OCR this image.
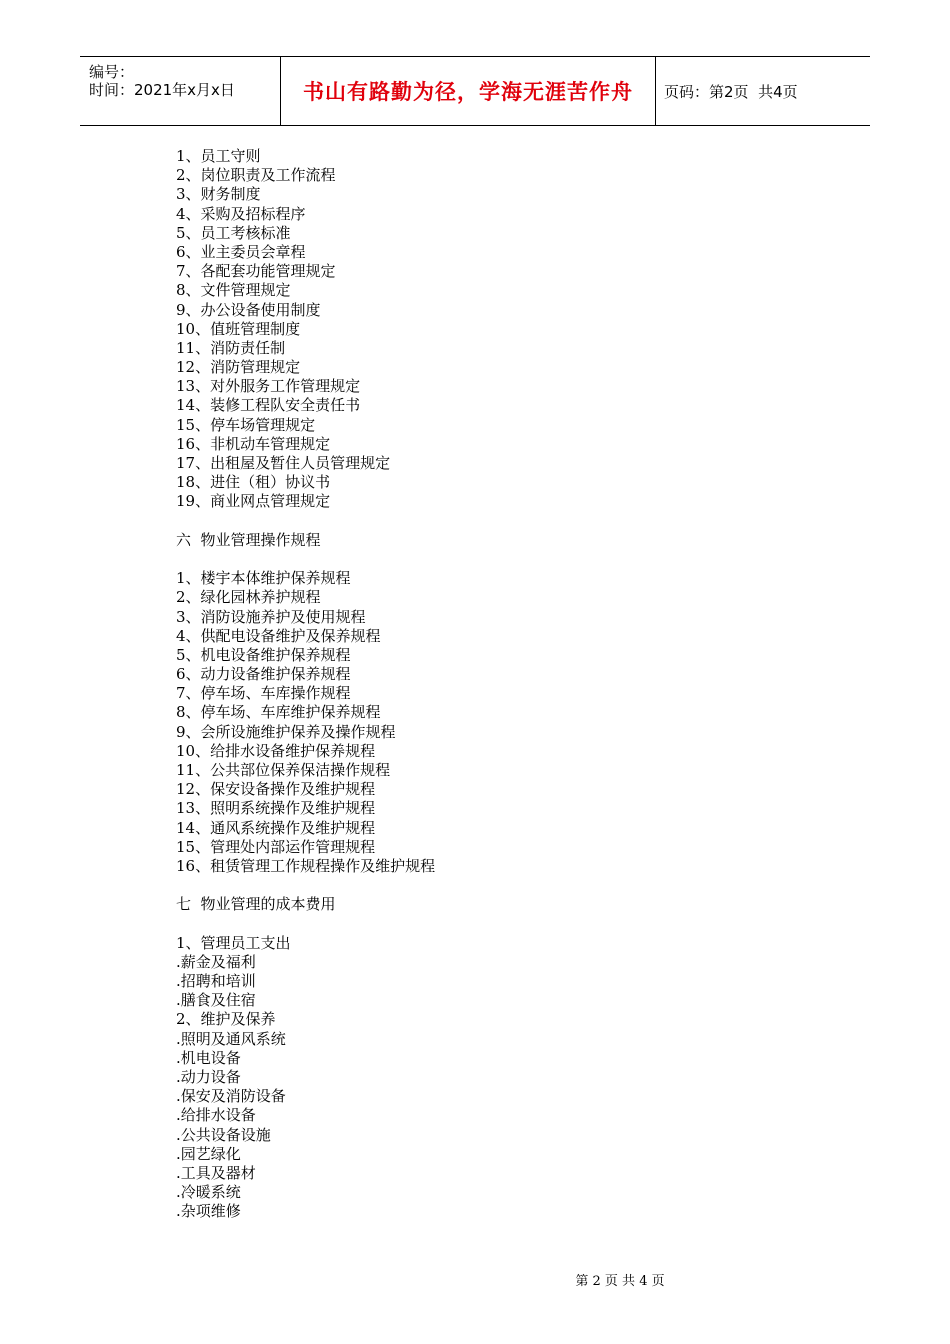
编号：
时间：2021年x月x日	书山有路勤为径，学海无涯苦作舟 页码：第2页  共4页
1、员工守则
2、岗位职责及工作流程
3、财务制度
4、采购及招标程序
5、员工考核标准
6、业主委员会章程
7、各配套功能管理规定
8、文件管理规定
9、办公设备使用制度
10、值班管理制度
11、消防责任制
12、消防管理规定
13、对外服务工作管理规定
14、装修工程队安全责任书
15、停车场管理规定
16、非机动车管理规定
17、出租屋及暂住人员管理规定
18、进住（租）协议书
19、商业网点管理规定
六  物业管理操作规程
1、楼宇本体维护保养规程
2、绿化园林养护规程
3、消防设施养护及使用规程
4、供配电设备维护及保养规程
5、机电设备维护保养规程
6、动力设备维护保养规程
7、停车场、车库操作规程
8、停车场、车库维护保养规程
9、会所设施维护保养及操作规程
10、给排水设备维护保养规程
11、公共部位保养保洁操作规程
12、保安设备操作及维护规程
13、照明系统操作及维护规程
14、通风系统操作及维护规程
15、管理处内部运作管理规程
16、租赁管理工作规程操作及维护规程
七  物业管理的成本费用
1、管理员工支出
.薪金及福利
.招聘和培训
.膳食及住宿
2、维护及保养
.照明及通风系统
.机电设备
.动力设备
.保安及消防设备
.给排水设备
.公共设备设施
.园艺绿化
.工具及器材
.冷暖系统
.杂项维修
第 2 页 共 4 页
